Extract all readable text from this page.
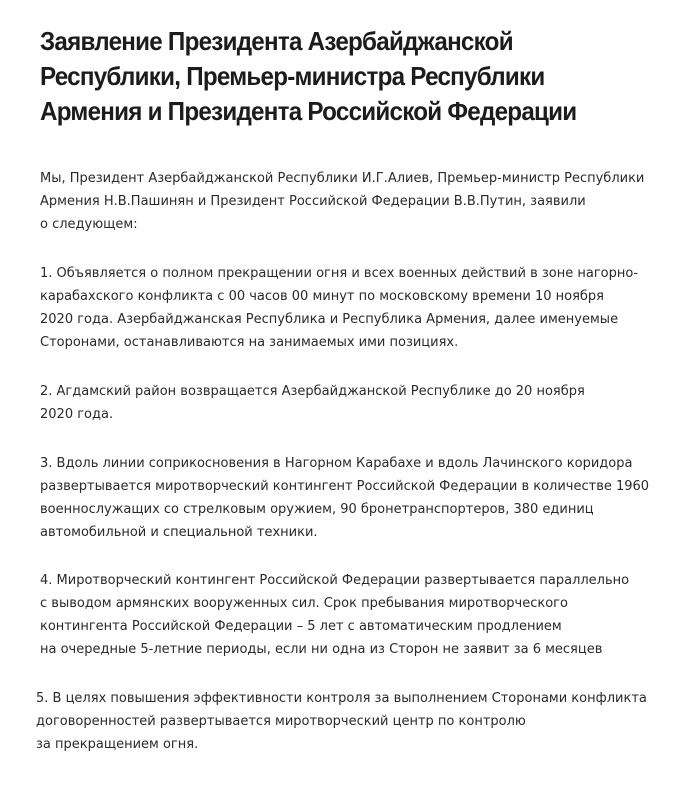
Заявление Президента Азербайджанской
Республики, Премьер-министра Республики
Армения и Президента Российской Федерации

Мы, Президент Азербайджанской Республики И.Г.Алиев, Премьер-министр Республики
Армения Н.В.Пашинян и Президент Российской Федерации В.В.Путин, заявили
о следующем:

1. Объявляется о полном прекращении огня и всех военных действий в зоне нагорно-
карабахского конфликта с 00 часов 00 минут по московскому времени 10 ноября
2020 года. Азербайджанская Республика и Республика Армения, далее именуемые
Сторонами, останавливаются на занимаемых ими позициях.

2. Агдамский район возвращается Азербайджанской Республике до 20 ноября
2020 года.

3. Вдоль линии соприкосновения в Нагорном Карабахе и вдоль Лачинского коридора
развертывается миротворческий контингент Российской Федерации в количестве 1960
военнослужащих со стрелковым оружием, 90 бронетранспортеров, 380 единиц
автомобильной и специальной техники.

4. Миротворческий контингент Российской Федерации развертывается параллельно
с выводом армянских вооруженных сил. Срок пребывания миротворческого
контингента Российской Федерации – 5 лет с автоматическим продлением
на очередные 5-летние периоды, если ни одна из Сторон не заявит за 6 месяцев

5. В целях повышения эффективности контроля за выполнением Сторонами конфликта
договоренностей развертывается миротворческий центр по контролю
за прекращением огня.
